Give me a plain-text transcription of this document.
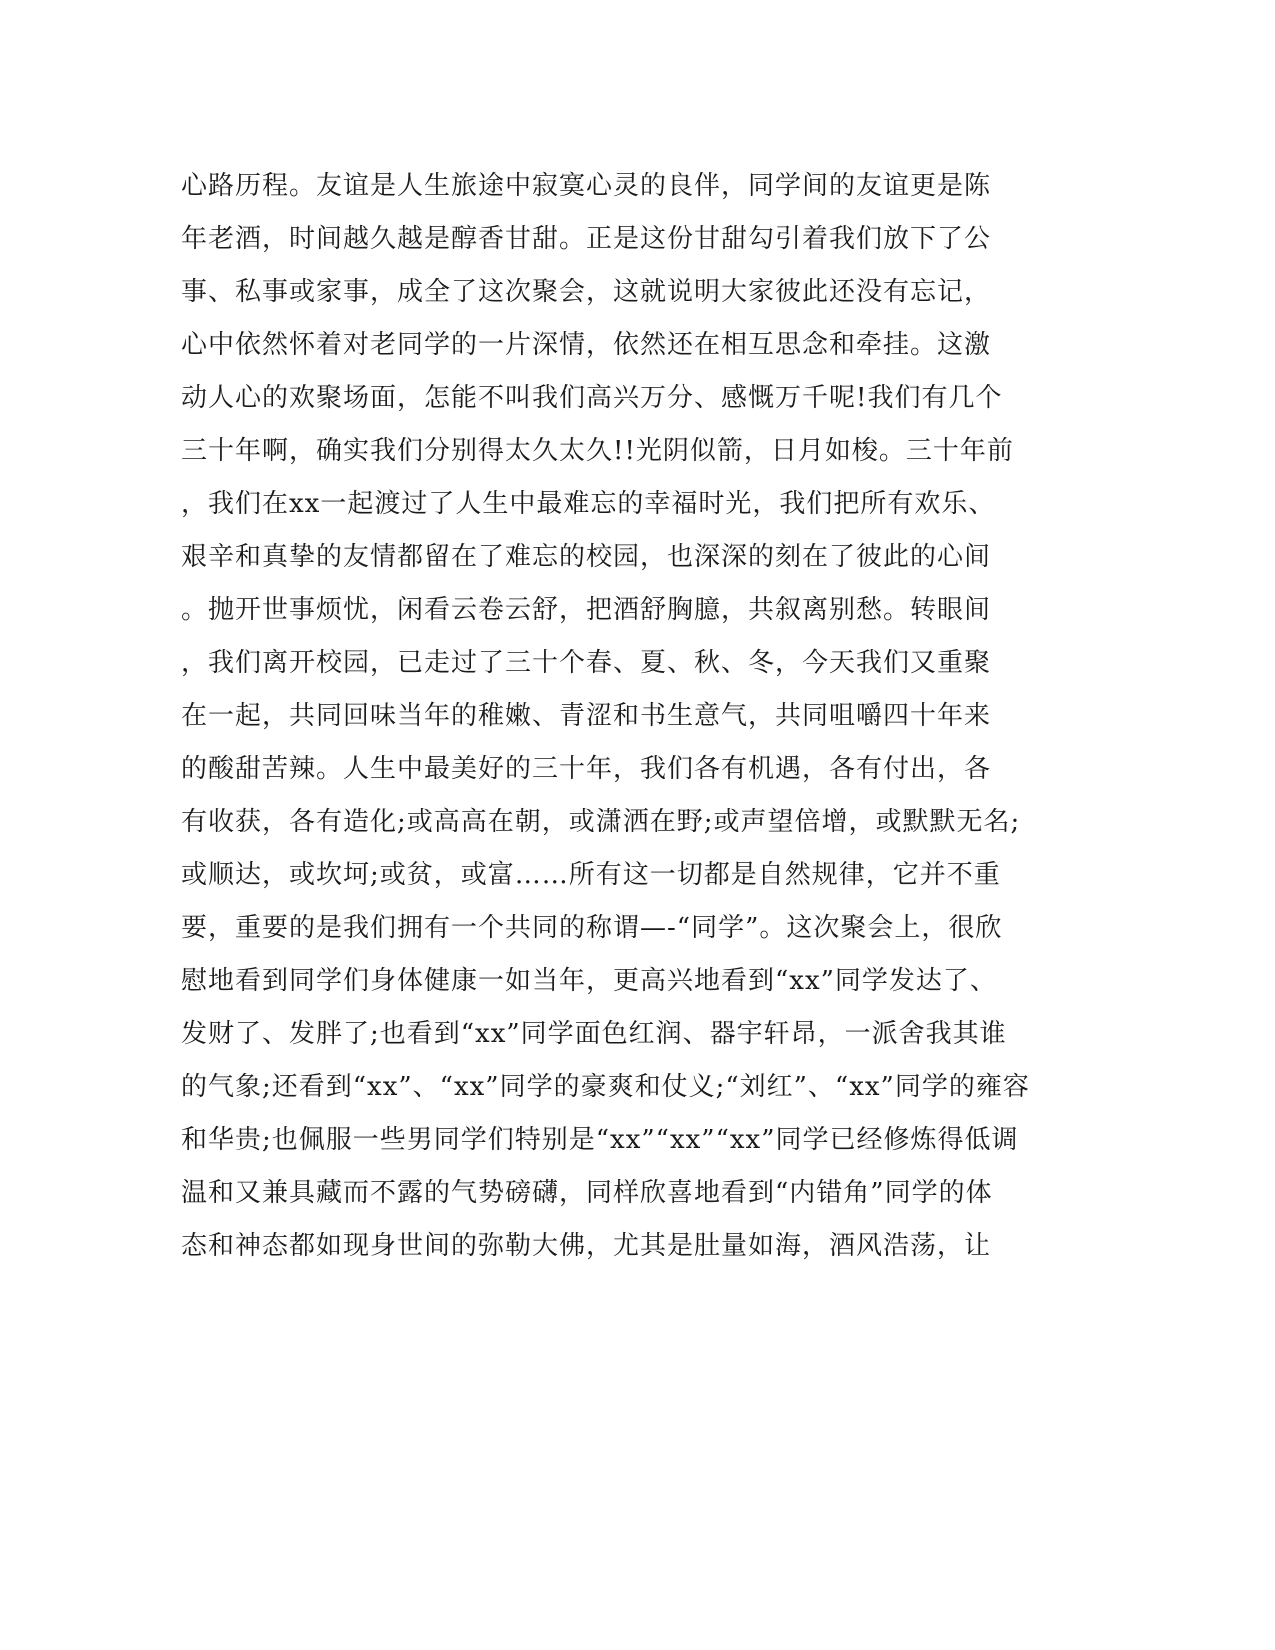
心路历程。友谊是人生旅途中寂寞心灵的良伴，同学间的友谊更是陈
年老酒，时间越久越是醇香甘甜。正是这份甘甜勾引着我们放下了公
事、私事或家事，成全了这次聚会，这就说明大家彼此还没有忘记，
心中依然怀着对老同学的一片深情，依然还在相互思念和牵挂。这激
动人心的欢聚场面，怎能不叫我们高兴万分、感慨万千呢!我们有几个
三十年啊，确实我们分别得太久太久!!光阴似箭，日月如梭。三十年前
，我们在xx一起渡过了人生中最难忘的幸福时光，我们把所有欢乐、
艰辛和真挚的友情都留在了难忘的校园，也深深的刻在了彼此的心间
。抛开世事烦忧，闲看云卷云舒，把酒舒胸臆，共叙离别愁。转眼间
，我们离开校园，已走过了三十个春、夏、秋、冬，今天我们又重聚
在一起，共同回味当年的稚嫩、青涩和书生意气，共同咀嚼四十年来
的酸甜苦辣。人生中最美好的三十年，我们各有机遇，各有付出，各
有收获，各有造化;或高高在朝，或潇洒在野;或声望倍增，或默默无名;
或顺达，或坎坷;或贫，或富……所有这一切都是自然规律，它并不重
要，重要的是我们拥有一个共同的称谓—-“同学”。这次聚会上，很欣
慰地看到同学们身体健康一如当年，更高兴地看到“xx”同学发达了、
发财了、发胖了;也看到“xx”同学面色红润、器宇轩昂，一派舍我其谁
的气象;还看到“xx”、“xx”同学的豪爽和仗义;“刘红”、“xx”同学的雍容
和华贵;也佩服一些男同学们特别是“xx”“xx”“xx”同学已经修炼得低调
温和又兼具藏而不露的气势磅礴，同样欣喜地看到“内错角”同学的体
态和神态都如现身世间的弥勒大佛，尤其是肚量如海，酒风浩荡，让
